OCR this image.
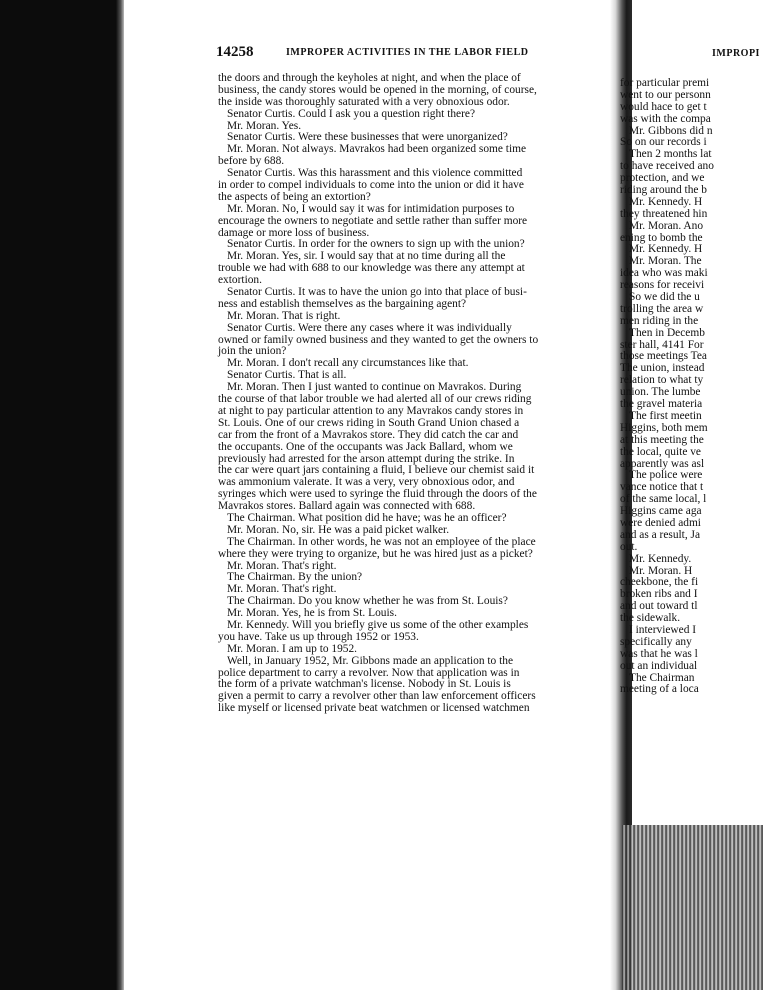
14258	IMPROPER ACTIVITIES IN THE LABOR FIELD
the doors and through the keyholes at night, and when the place of
business, the candy stores would be opened in the morning, of course,
the inside was thoroughly saturated with a very obnoxious odor.
Senator Curtis. Could I ask you a question right there?
Mr. Moran. Yes.
Senator Curtis. Were these businesses that were unorganized?
Mr. Moran. Not always. Mavrakos had been organized some time
before by 688.
Senator Curtis. Was this harassment and this violence committed
in order to compel individuals to come into the union or did it have
the aspects of being an extortion?
Mr. Moran. No, I would say it was for intimidation purposes to
encourage the owners to negotiate and settle rather than suffer more
damage or more loss of business.
Senator Curtis. In order for the owners to sign up with the union?
Mr. Moran. Yes, sir. I would say that at no time during all the
trouble we had with 688 to our knowledge was there any attempt at
extortion.
Senator Curtis. It was to have the union go into that place of busi-
ness and establish themselves as the bargaining agent?
Mr. Moran. That is right.
Senator Curtis. Were there any cases where it was individually
owned or family owned business and they wanted to get the owners to
join the union?
Mr. Moran. I don't recall any circumstances like that.
Senator Curtis. That is all.
Mr. Moran. Then I just wanted to continue on Mavrakos. During
the course of that labor trouble we had alerted all of our crews riding
at night to pay particular attention to any Mavrakos candy stores in
St. Louis. One of our crews riding in South Grand Union chased a
car from the front of a Mavrakos store. They did catch the car and
the occupants. One of the occupants was Jack Ballard, whom we
previously had arrested for the arson attempt during the strike. In
the car were quart jars containing a fluid, I believe our chemist said it
was ammonium valerate. It was a very, very obnoxious odor, and
syringes which were used to syringe the fluid through the doors of the
Mavrakos stores. Ballard again was connected with 688.
The Chairman. What position did he have; was he an officer?
Mr. Moran. No, sir. He was a paid picket walker.
The Chairman. In other words, he was not an employee of the place
where they were trying to organize, but he was hired just as a picket?
Mr. Moran. That's right.
The Chairman. By the union?
Mr. Moran. That's right.
The Chairman. Do you know whether he was from St. Louis?
Mr. Moran. Yes, he is from St. Louis.
Mr. Kennedy. Will you briefly give us some of the other examples
you have. Take us up through 1952 or 1953.
Mr. Moran. I am up to 1952.
Well, in January 1952, Mr. Gibbons made an application to the
police department to carry a revolver. Now that application was in
the form of a private watchman's license. Nobody in St. Louis is
given a permit to carry a revolver other than law enforcement officers
like myself or licensed private beat watchmen or licensed watchmen
IMPROPI
for particular premi
went to our personn
would hace to get t
was with the compa
Mr. Gibbons did n
So on our records i
Then 2 months lat
to have received ano
protection, and we
riding around the b
Mr. Kennedy. H
they threatened hin
Mr. Moran. Ano
ening to bomb the
Mr. Kennedy. H
Mr. Moran. The
idea who was maki
reasons for receivi
So we did the u
trolling the area w
men riding in the
Then in Decemb
ster hall, 4141 For
those meetings Tea
The union, instead
relation to what ty
union. The lumbe
the gravel materia
The first meetin
Higgins, both mem
at this meeting the
the local, quite ve
apparently was asl
The police were
vance notice that t
of the same local, l
Higgins came aga
were denied admi
and as a result, Ja
out.
Mr. Kennedy.
Mr. Moran. H
cheekbone, the fi
broken ribs and I
and out toward tl
the sidewalk.
I interviewed I
specifically any
was that he was l
out an individual
The Chairman
meeting of a loca
